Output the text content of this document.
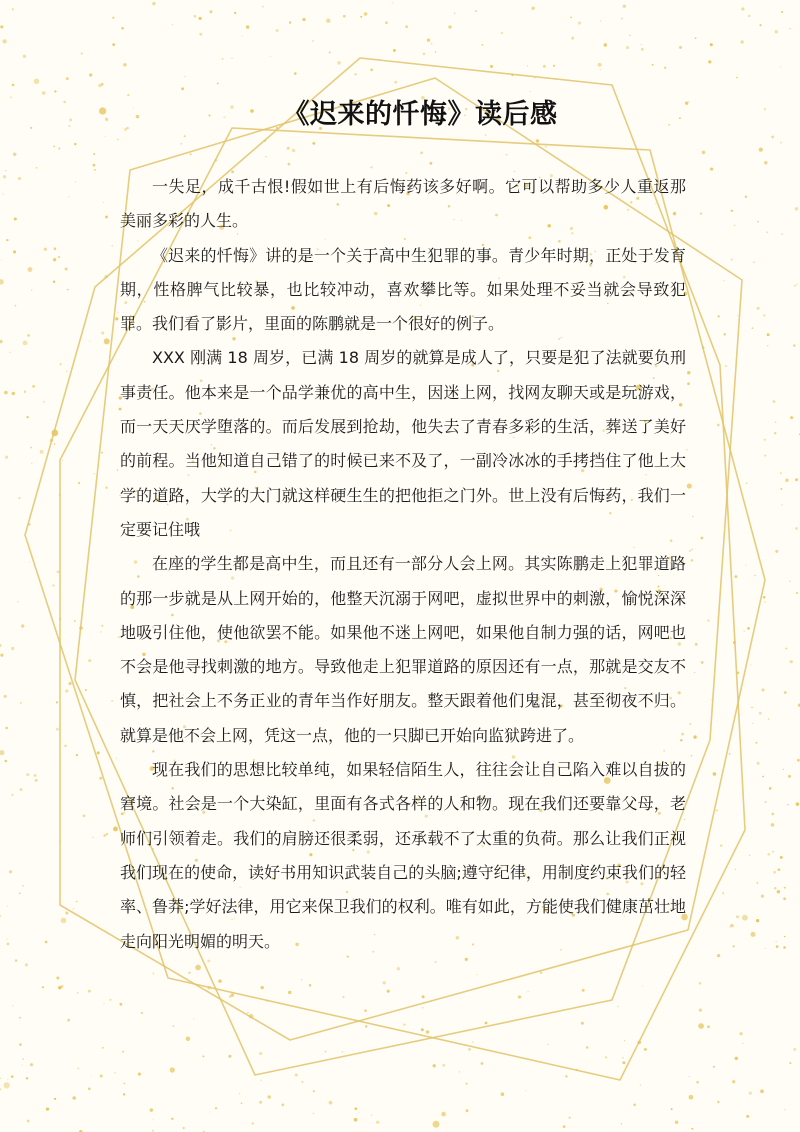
《迟来的忏悔》读后感

一失足，成千古恨!假如世上有后悔药该多好啊。它可以帮助多少人重返那美丽多彩的人生。

《迟来的忏悔》讲的是一个关于高中生犯罪的事。青少年时期，正处于发育期，性格脾气比较暴，也比较冲动，喜欢攀比等。如果处理不妥当就会导致犯罪。我们看了影片，里面的陈鹏就是一个很好的例子。

XXX 刚满 18 周岁，已满 18 周岁的就算是成人了，只要是犯了法就要负刑事责任。他本来是一个品学兼优的高中生，因迷上网，找网友聊天或是玩游戏，而一天天厌学堕落的。而后发展到抢劫，他失去了青春多彩的生活，葬送了美好的前程。当他知道自己错了的时候已来不及了，一副冷冰冰的手拷挡住了他上大学的道路，大学的大门就这样硬生生的把他拒之门外。世上没有后悔药，我们一定要记住哦

在座的学生都是高中生，而且还有一部分人会上网。其实陈鹏走上犯罪道路的那一步就是从上网开始的，他整天沉溺于网吧，虚拟世界中的刺激，愉悦深深地吸引住他，使他欲罢不能。如果他不迷上网吧，如果他自制力强的话，网吧也不会是他寻找刺激的地方。导致他走上犯罪道路的原因还有一点，那就是交友不慎，把社会上不务正业的青年当作好朋友。整天跟着他们鬼混，甚至彻夜不归。就算是他不会上网，凭这一点，他的一只脚已开始向监狱跨进了。

现在我们的思想比较单纯，如果轻信陌生人，往往会让自己陷入难以自拔的窘境。社会是一个大染缸，里面有各式各样的人和物。现在我们还要靠父母，老师们引领着走。我们的肩膀还很柔弱，还承载不了太重的负荷。那么让我们正视我们现在的使命，读好书用知识武装自己的头脑;遵守纪律，用制度约束我们的轻率、鲁莽;学好法律，用它来保卫我们的权利。唯有如此，方能使我们健康茁壮地走向阳光明媚的明天。
